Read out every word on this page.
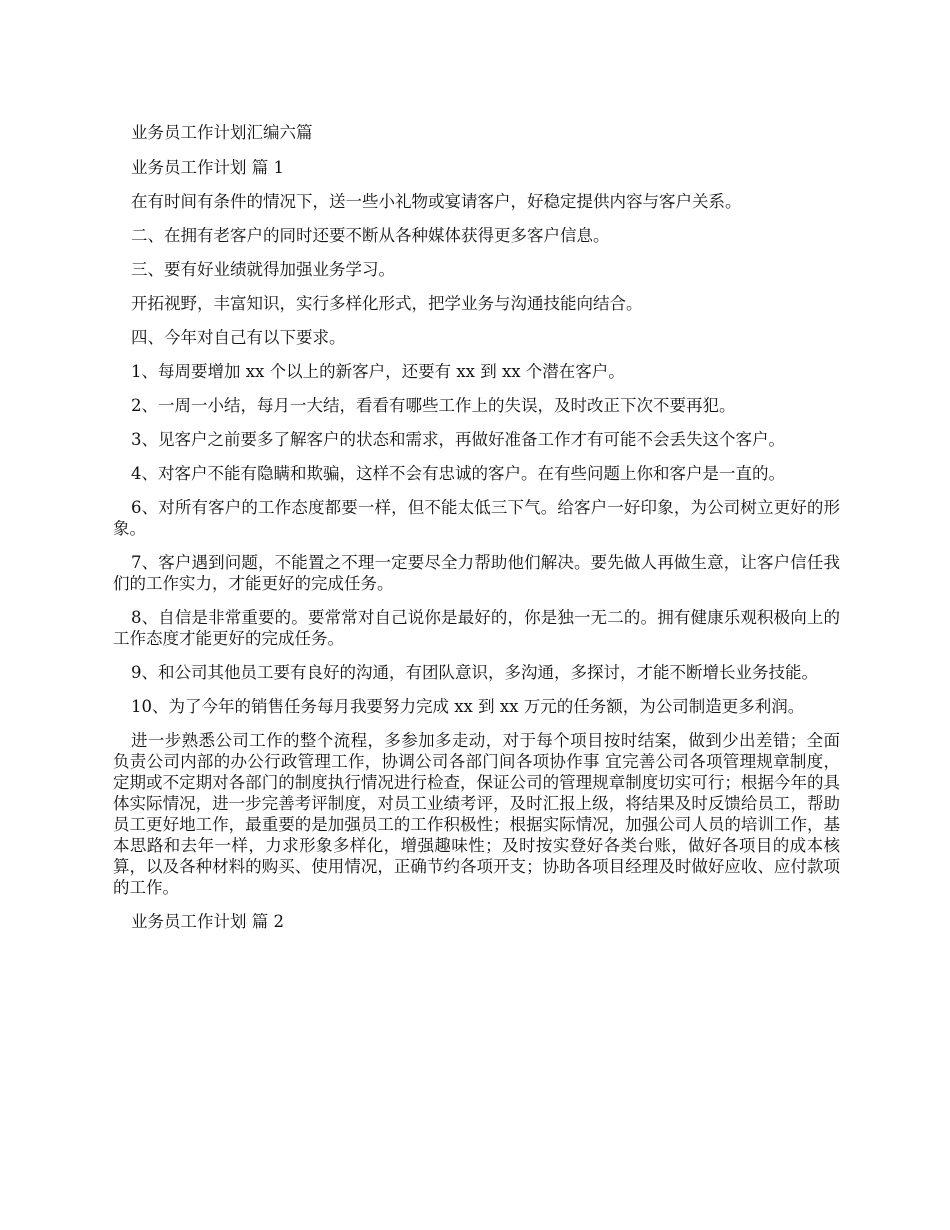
业务员工作计划汇编六篇

业务员工作计划 篇 1

在有时间有条件的情况下，送一些小礼物或宴请客户，好稳定提供内容与客户关系。

二、在拥有老客户的同时还要不断从各种媒体获得更多客户信息。

三、要有好业绩就得加强业务学习。

开拓视野，丰富知识，实行多样化形式，把学业务与沟通技能向结合。

四、今年对自己有以下要求。

1、每周要增加 xx 个以上的新客户，还要有 xx 到 xx 个潜在客户。

2、一周一小结，每月一大结，看看有哪些工作上的失误，及时改正下次不要再犯。

3、见客户之前要多了解客户的状态和需求，再做好准备工作才有可能不会丢失这个客户。

4、对客户不能有隐瞒和欺骗，这样不会有忠诚的客户。在有些问题上你和客户是一直的。

6、对所有客户的工作态度都要一样，但不能太低三下气。给客户一好印象，为公司树立更好的形象。

7、客户遇到问题，不能置之不理一定要尽全力帮助他们解决。要先做人再做生意，让客户信任我们的工作实力，才能更好的完成任务。

8、自信是非常重要的。要常常对自己说你是最好的，你是独一无二的。拥有健康乐观积极向上的工作态度才能更好的完成任务。

9、和公司其他员工要有良好的沟通，有团队意识，多沟通，多探讨，才能不断增长业务技能。

10、为了今年的销售任务每月我要努力完成 xx 到 xx 万元的任务额，为公司制造更多利润。

进一步熟悉公司工作的整个流程，多参加多走动，对于每个项目按时结案，做到少出差错；全面负责公司内部的办公行政管理工作，协调公司各部门间各项协作事 宜完善公司各项管理规章制度，定期或不定期对各部门的制度执行情况进行检查，保证公司的管理规章制度切实可行；根据今年的具体实际情况，进一步完善考评制度，对员工业绩考评，及时汇报上级，将结果及时反馈给员工，帮助员工更好地工作，最重要的是加强员工的工作积极性；根据实际情况，加强公司人员的培训工作，基本思路和去年一样，力求形象多样化，增强趣味性；及时按实登好各类台账，做好各项目的成本核算，以及各种材料的购买、使用情况，正确节约各项开支；协助各项目经理及时做好应收、应付款项的工作。

业务员工作计划 篇 2
